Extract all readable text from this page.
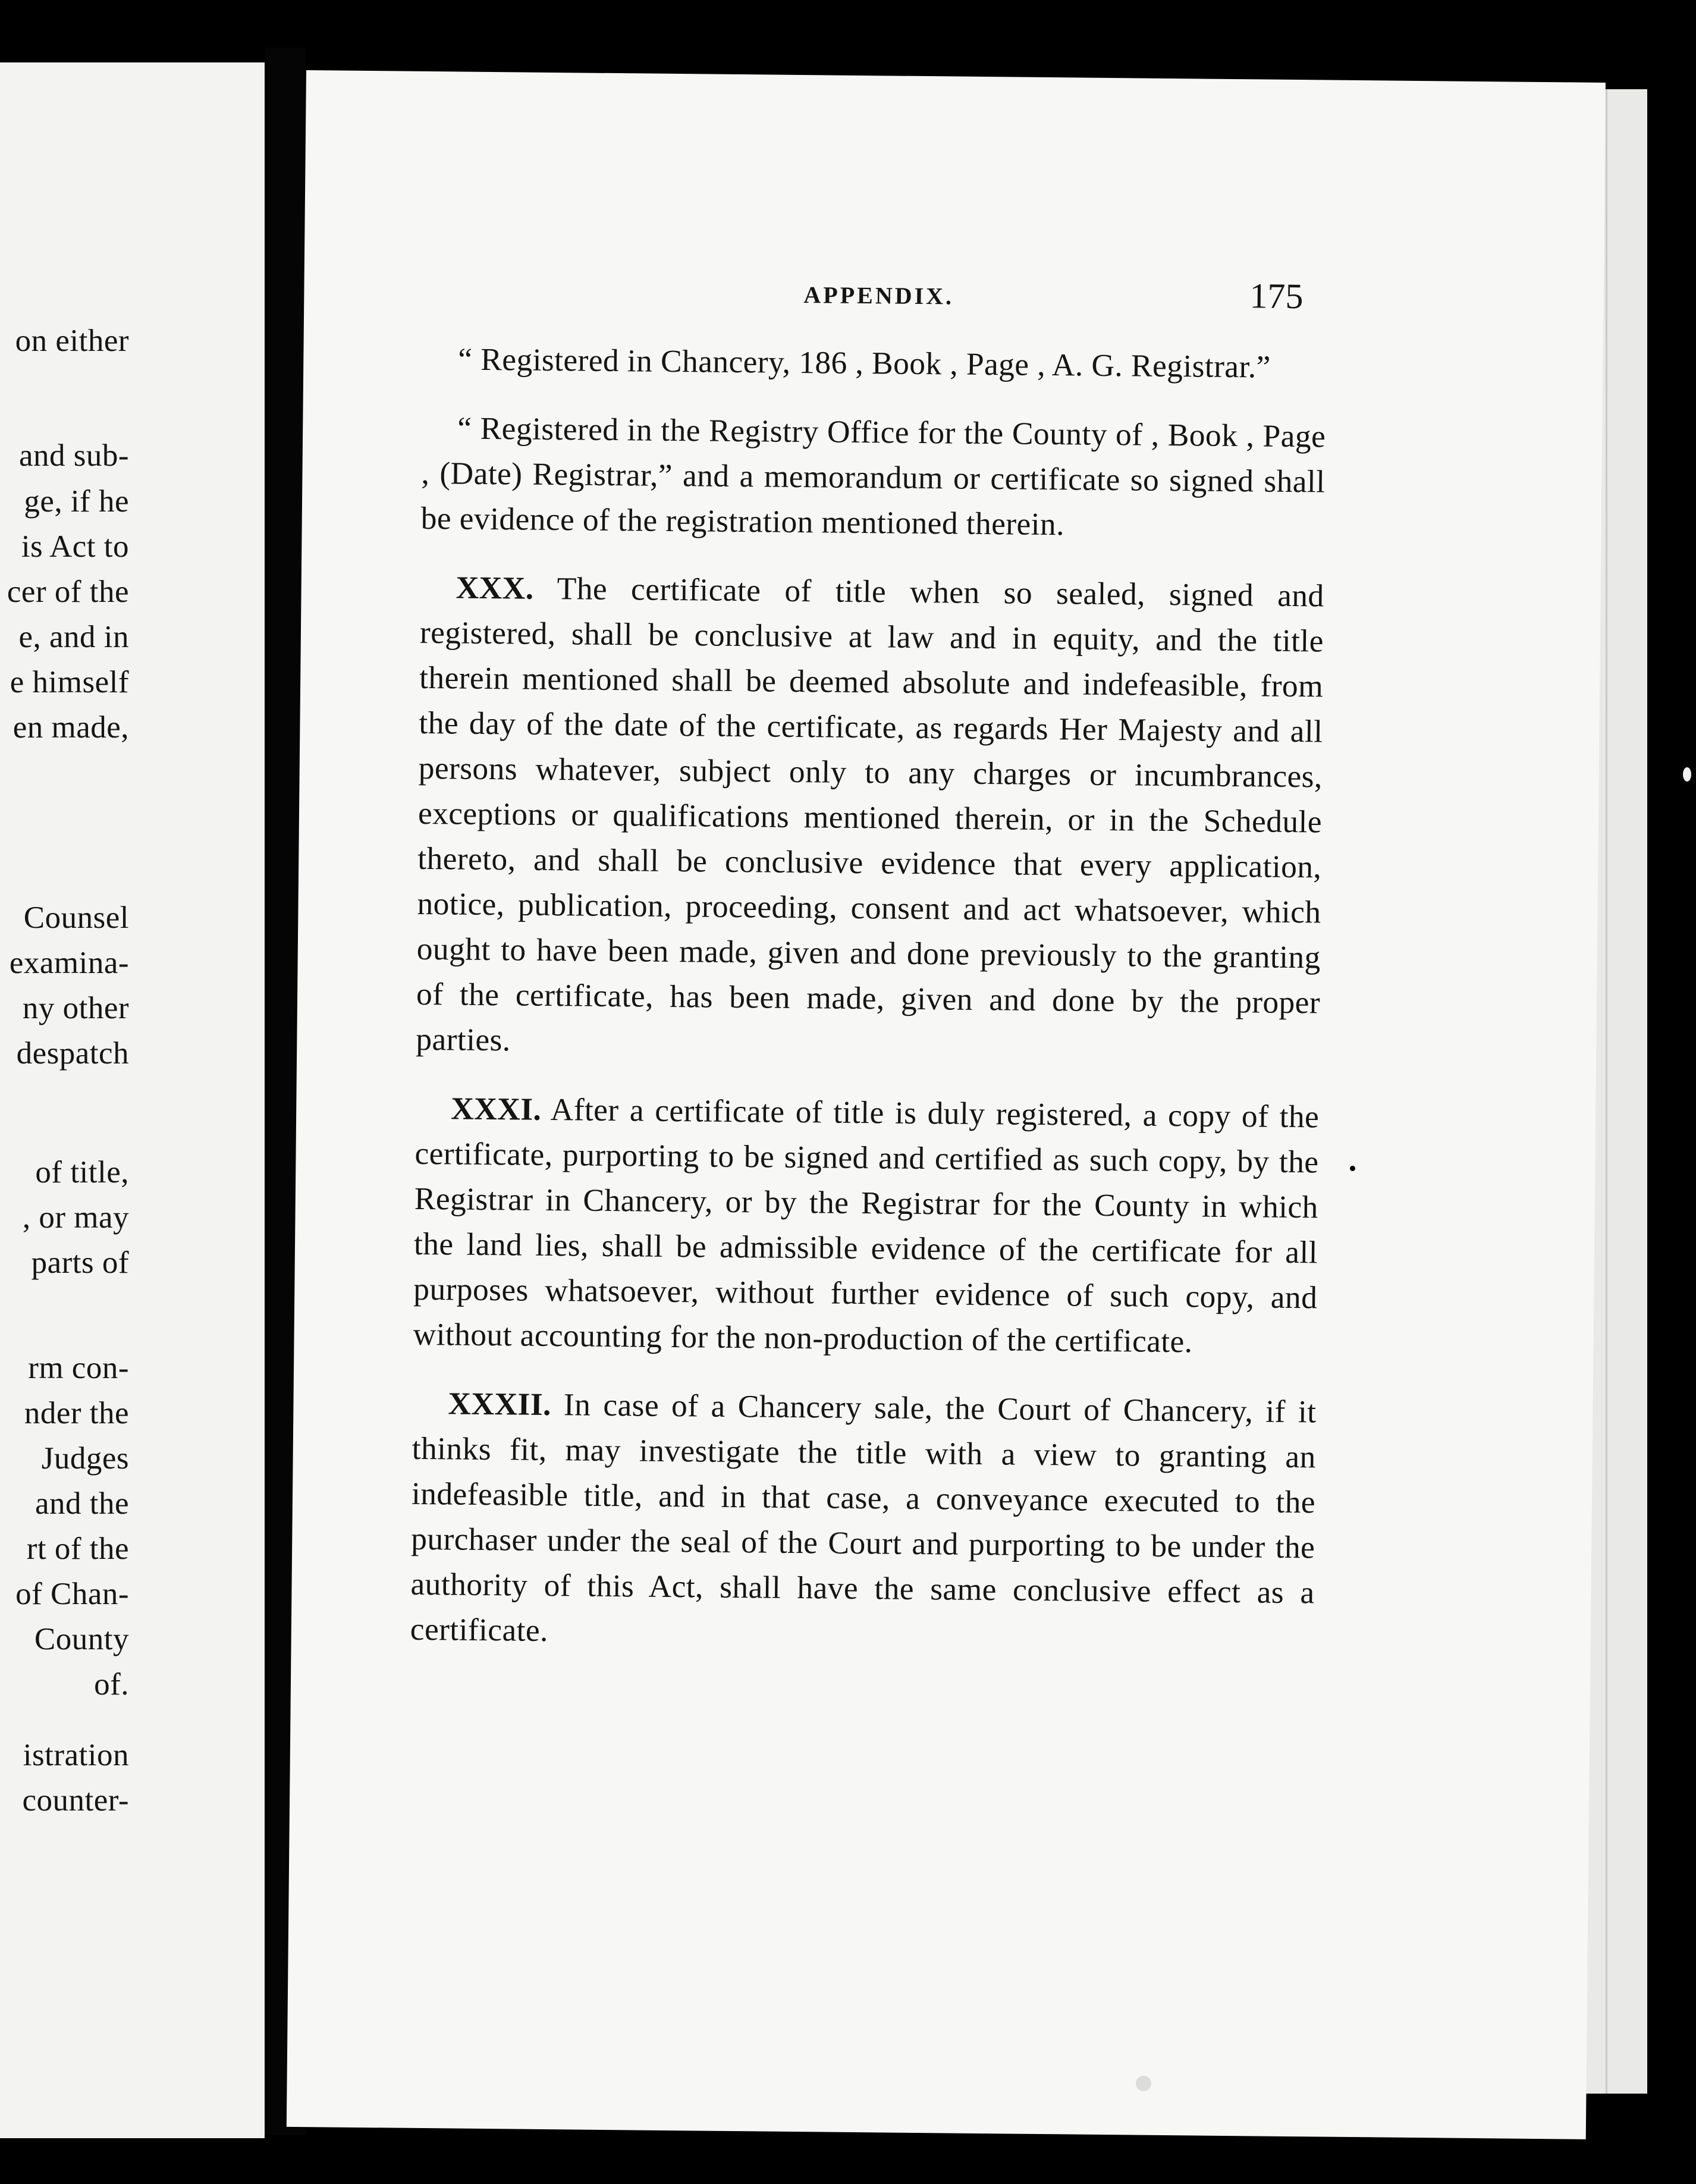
on either
and sub-
ge, if he
is Act to
cer of the
e, and in
e himself
en made,
Counsel
examina-
ny other
despatch
of title,
, or may
parts of
rm con-
nder the
Judges
and the
rt of the
of Chan-
County
of.
istration
counter-
APPENDIX.	175

“ Registered in Chancery, 186 , Book , Page , A. G. Registrar.”

“ Registered in the Registry Office for the County of , Book , Page , (Date) Registrar,” and a memorandum or certificate so signed shall be evidence of the registration mentioned therein.

XXX. The certificate of title when so sealed, signed and registered, shall be conclusive at law and in equity, and the title therein mentioned shall be deemed absolute and indefeasible, from the day of the date of the certificate, as regards Her Majesty and all persons whatever, subject only to any charges or incumbrances, exceptions or qualifications mentioned therein, or in the Schedule thereto, and shall be conclusive evidence that every application, notice, publication, proceeding, consent and act whatsoever, which ought to have been made, given and done previously to the granting of the certificate, has been made, given and done by the proper parties.

XXXI. After a certificate of title is duly registered, a copy of the certificate, purporting to be signed and certified as such copy, by the Registrar in Chancery, or by the Registrar for the County in which the land lies, shall be admissible evidence of the certificate for all purposes whatsoever, without further evidence of such copy, and without accounting for the non-production of the certificate.

XXXII. In case of a Chancery sale, the Court of Chancery, if it thinks fit, may investigate the title with a view to granting an indefeasible title, and in that case, a conveyance executed to the purchaser under the seal of the Court and purporting to be under the authority of this Act, shall have the same conclusive effect as a certificate.
